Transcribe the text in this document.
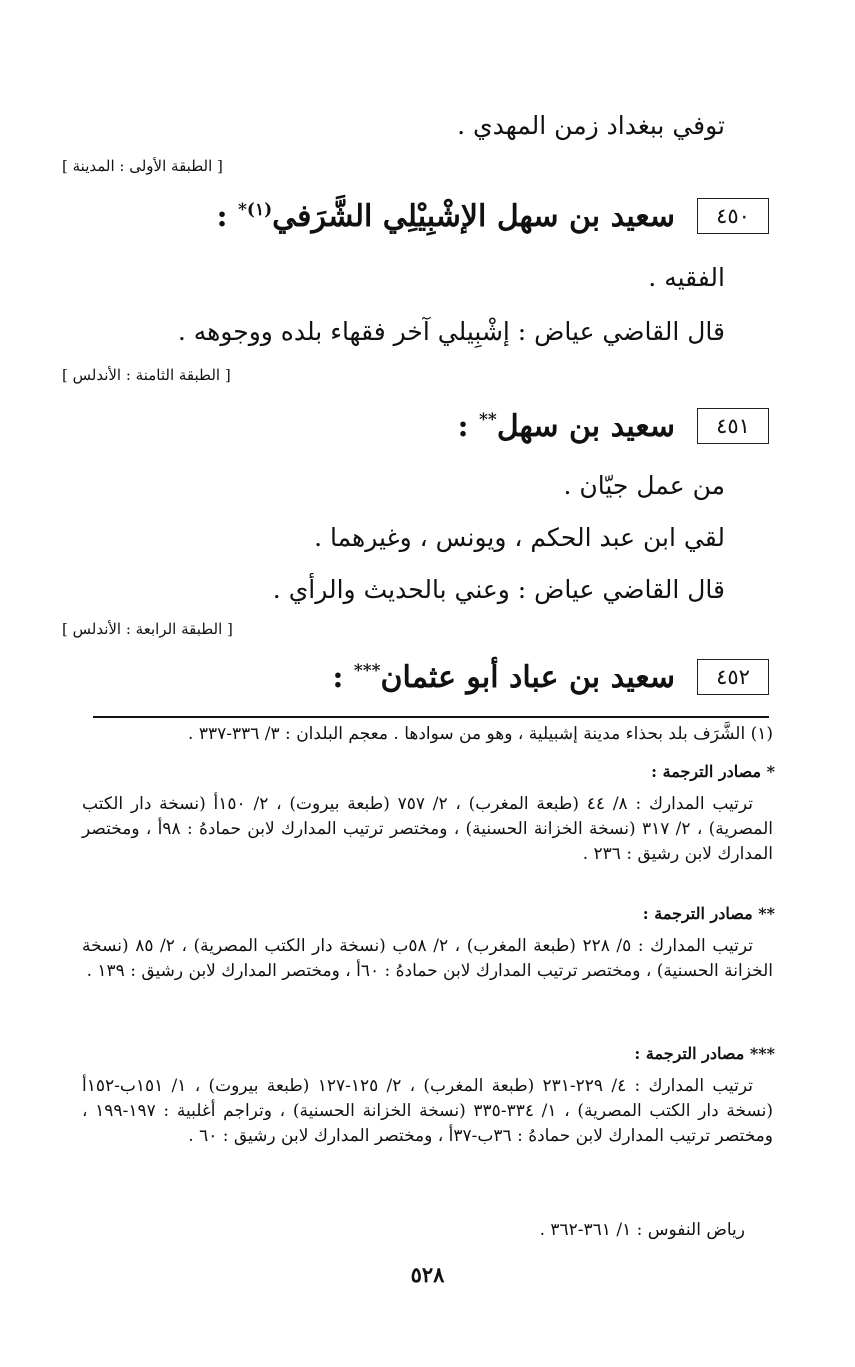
توفي ببغداد زمن المهدي .
[ الطبقة الأولى : المدينة ]
٤٥٠
سعيد بن سهل الإشْبِيْلِي الشَّرَفي$^{(١)*}$ :
الفقيه .
قال القاضي عياض : إشْبِيلي آخر فقهاء بلده ووجوهه .
[ الطبقة الثامنة : الأندلس ]
٤٥١
سعيد بن سهل** :
من عمل جيّان .
لقي ابن عبد الحكم ، ويونس ، وغيرهما .
قال القاضي عياض : وعني بالحديث والرأي .
[ الطبقة الرابعة : الأندلس ]
٤٥٢
سعيد بن عباد أبو عثمان*** :
(١) الشَّرَف بلد بحذاء مدينة إشبيلية ، وهو من سوادها . معجم البلدان : ٣/ ٣٣٦-٣٣٧ .
* مصادر الترجمة :
ترتيب المدارك : ٨/ ٤٤ (طبعة المغرب) ، ٢/ ٧٥٧ (طبعة بيروت) ، ٢/ ١٥٠أ (نسخة دار الكتب المصرية) ، ٢/ ٣١٧ (نسخة الخزانة الحسنية) ، ومختصر ترتيب المدارك لابن حمادهُ : ٩٨أ ، ومختصر المدارك لابن رشيق : ٢٣٦ .
** مصادر الترجمة :
ترتيب المدارك : ٥/ ٢٢٨ (طبعة المغرب) ، ٢/ ٥٨ب (نسخة دار الكتب المصرية) ، ٢/ ٨٥ (نسخة الخزانة الحسنية) ، ومختصر ترتيب المدارك لابن حمادهُ : ٦٠أ ، ومختصر المدارك لابن رشيق : ١٣٩ .
*** مصادر الترجمة :
ترتيب المدارك : ٤/ ٢٢٩-٢٣١ (طبعة المغرب) ، ٢/ ١٢٥-١٢٧ (طبعة بيروت) ، ١/ ١٥١ب-١٥٢أ (نسخة دار الكتب المصرية) ، ١/ ٣٣٤-٣٣٥ (نسخة الخزانة الحسنية) ، وتراجم أغلبية : ١٩٧-١٩٩ ، ومختصر ترتيب المدارك لابن حمادهُ : ٣٦ب-٣٧أ ، ومختصر المدارك لابن رشيق : ٦٠ .
رياض النفوس : ١/ ٣٦١-٣٦٢ .
٥٢٨
